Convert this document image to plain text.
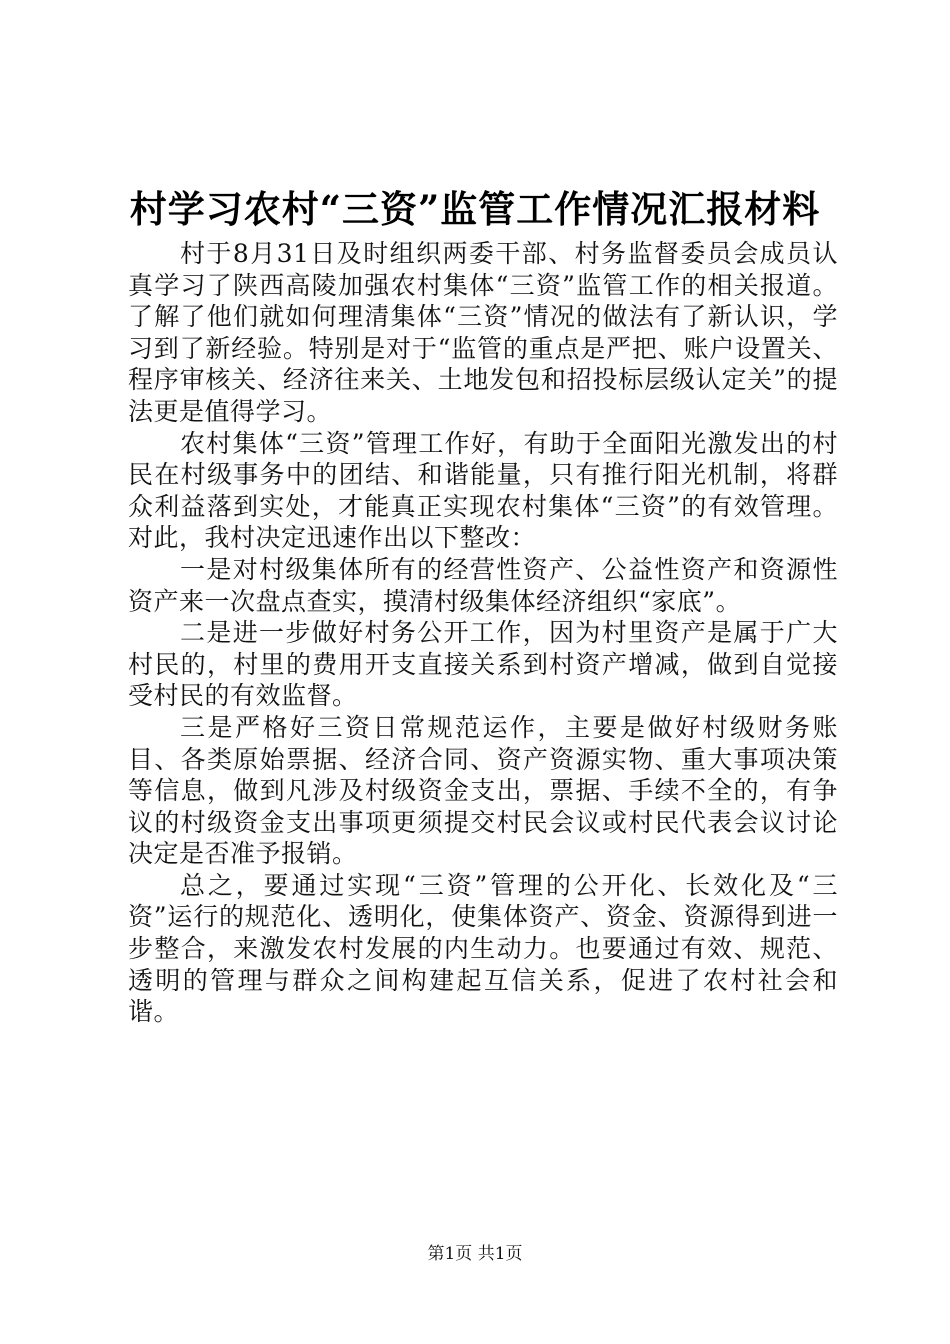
村学习农村“三资”监管工作情况汇报材料

村于8月31日及时组织两委干部、村务监督委员会成员认真学习了陕西高陵加强农村集体“三资”监管工作的相关报道。了解了他们就如何理清集体“三资”情况的做法有了新认识，学习到了新经验。特别是对于“监管的重点是严把、账户设置关、程序审核关、经济往来关、土地发包和招投标层级认定关”的提法更是值得学习。

农村集体“三资”管理工作好，有助于全面阳光激发出的村民在村级事务中的团结、和谐能量，只有推行阳光机制，将群众利益落到实处，才能真正实现农村集体“三资”的有效管理。对此，我村决定迅速作出以下整改：

一是对村级集体所有的经营性资产、公益性资产和资源性资产来一次盘点查实，摸清村级集体经济组织“家底”。

二是进一步做好村务公开工作，因为村里资产是属于广大村民的，村里的费用开支直接关系到村资产增减，做到自觉接受村民的有效监督。

三是严格好三资日常规范运作，主要是做好村级财务账目、各类原始票据、经济合同、资产资源实物、重大事项决策等信息，做到凡涉及村级资金支出，票据、手续不全的，有争议的村级资金支出事项更须提交村民会议或村民代表会议讨论决定是否准予报销。

总之，要通过实现“三资”管理的公开化、长效化及“三资”运行的规范化、透明化，使集体资产、资金、资源得到进一步整合，来激发农村发展的内生动力。也要通过有效、规范、透明的管理与群众之间构建起互信关系，促进了农村社会和谐。

第1页 共1页
